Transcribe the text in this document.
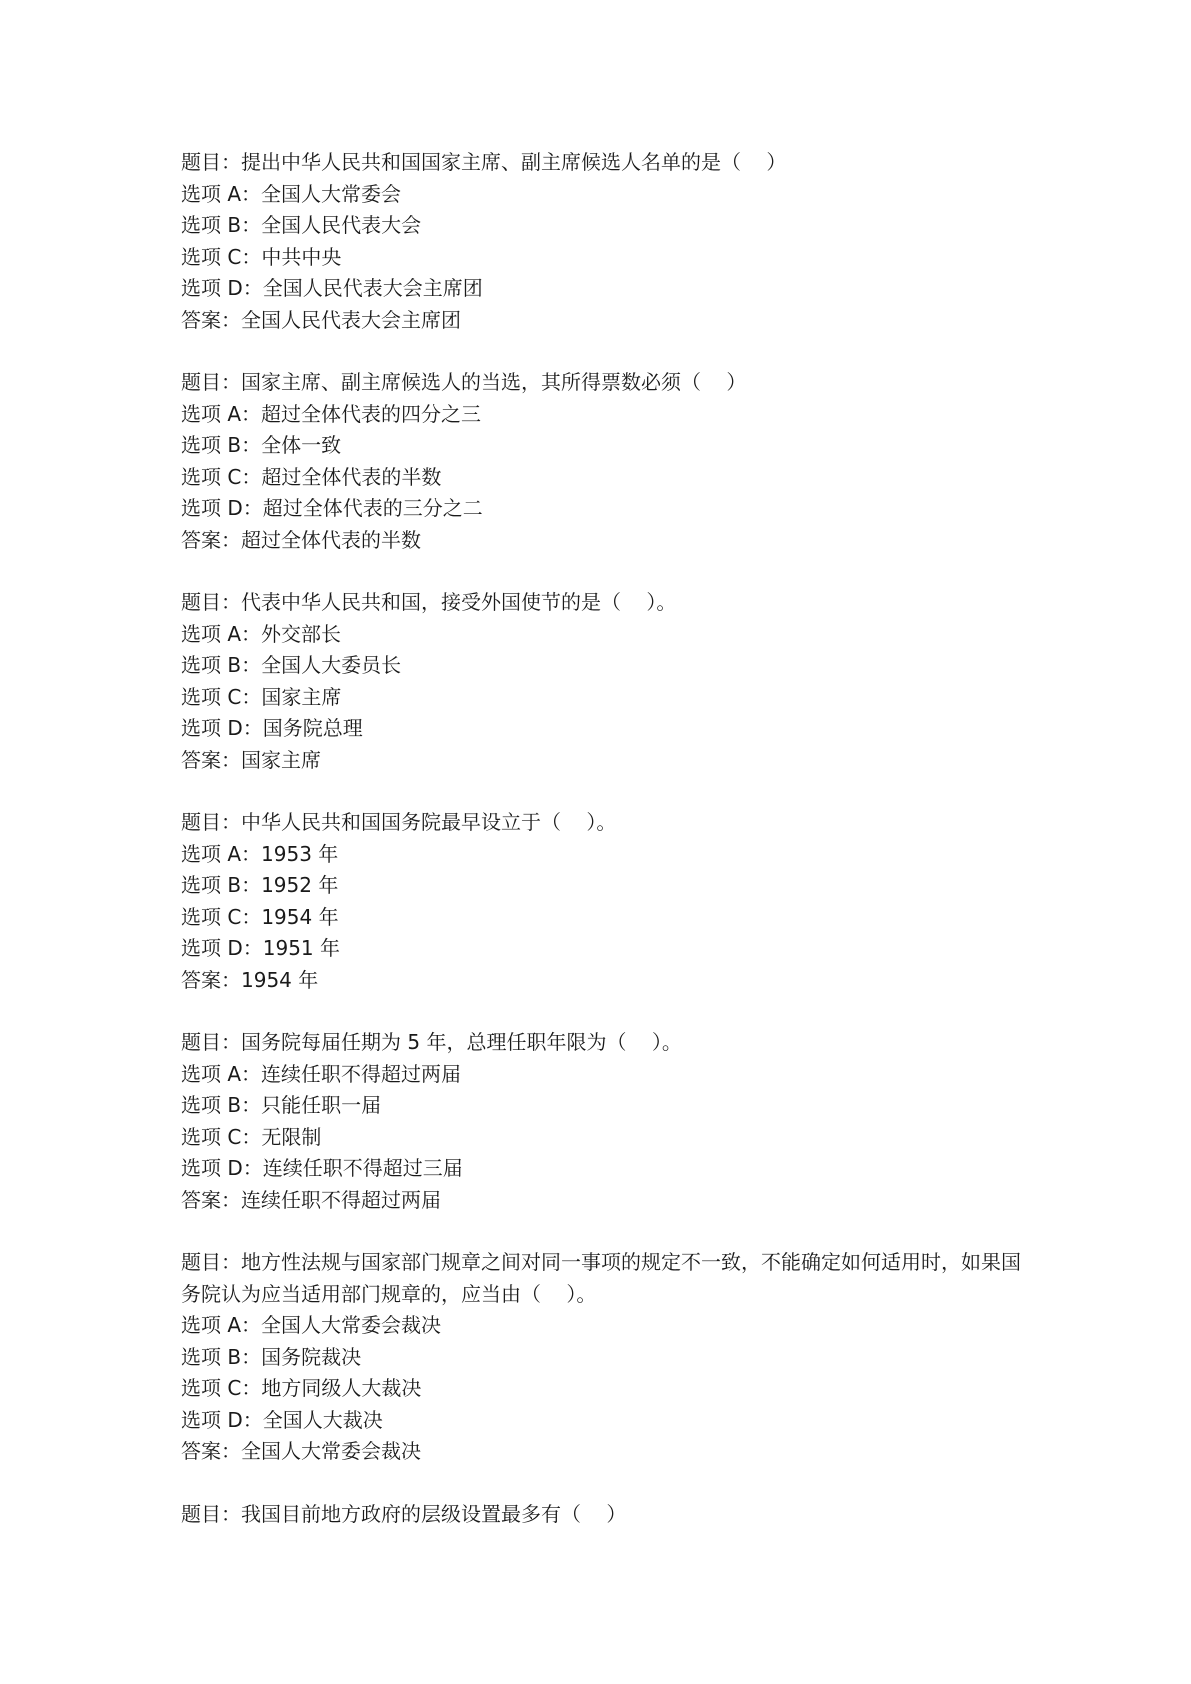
题目：提出中华人民共和国国家主席、副主席候选人名单的是（    ）
选项 A：全国人大常委会
选项 B：全国人民代表大会
选项 C：中共中央
选项 D：全国人民代表大会主席团
答案：全国人民代表大会主席团
题目：国家主席、副主席候选人的当选，其所得票数必须（    ）
选项 A：超过全体代表的四分之三
选项 B：全体一致
选项 C：超过全体代表的半数
选项 D：超过全体代表的三分之二
答案：超过全体代表的半数
题目：代表中华人民共和国，接受外国使节的是（    ）。
选项 A：外交部长
选项 B：全国人大委员长
选项 C：国家主席
选项 D：国务院总理
答案：国家主席
题目：中华人民共和国国务院最早设立于（    ）。
选项 A：1953 年
选项 B：1952 年
选项 C：1954 年
选项 D：1951 年
答案：1954 年
题目：国务院每届任期为 5 年，总理任职年限为（    ）。
选项 A：连续任职不得超过两届
选项 B：只能任职一届
选项 C：无限制
选项 D：连续任职不得超过三届
答案：连续任职不得超过两届
题目：地方性法规与国家部门规章之间对同一事项的规定不一致，不能确定如何适用时，如果国务院认为应当适用部门规章的，应当由（    ）。
选项 A：全国人大常委会裁决
选项 B：国务院裁决
选项 C：地方同级人大裁决
选项 D：全国人大裁决
答案：全国人大常委会裁决
题目：我国目前地方政府的层级设置最多有（    ）
